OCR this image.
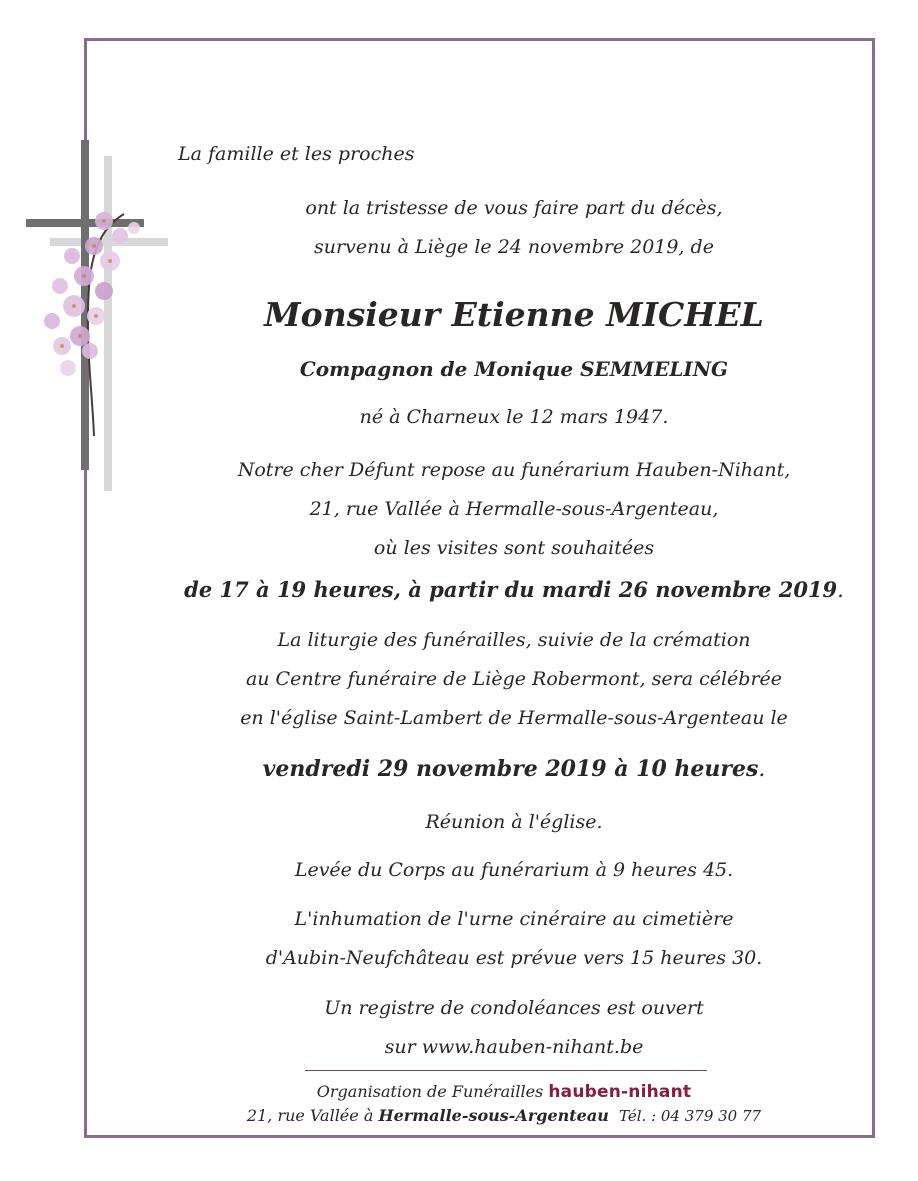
La famille et les proches
ont la tristesse de vous faire part du décès,
survenu à Liège le 24 novembre 2019, de
Monsieur Etienne MICHEL
Compagnon de Monique SEMMELING
né à Charneux le 12 mars 1947.
Notre cher Défunt repose au funérarium Hauben-Nihant,
21, rue Vallée à Hermalle-sous-Argenteau,
où les visites sont souhaitées
de 17 à 19 heures, à partir du mardi 26 novembre 2019.
La liturgie des funérailles, suivie de la crémation
au Centre funéraire de Liège Robermont, sera célébrée
en l'église Saint-Lambert de Hermalle-sous-Argenteau le
vendredi 29 novembre 2019 à 10 heures.
Réunion à l'église.
Levée du Corps au funérarium à 9 heures 45.
L'inhumation de l'urne cinéraire au cimetière
d'Aubin-Neufchâteau est prévue vers 15 heures 30.
Un registre de condoléances est ouvert
sur www.hauben-nihant.be
Organisation de Funérailles hauben-nihant
21, rue Vallée à Hermalle-sous-Argenteau Tél. : 04 379 30 77
